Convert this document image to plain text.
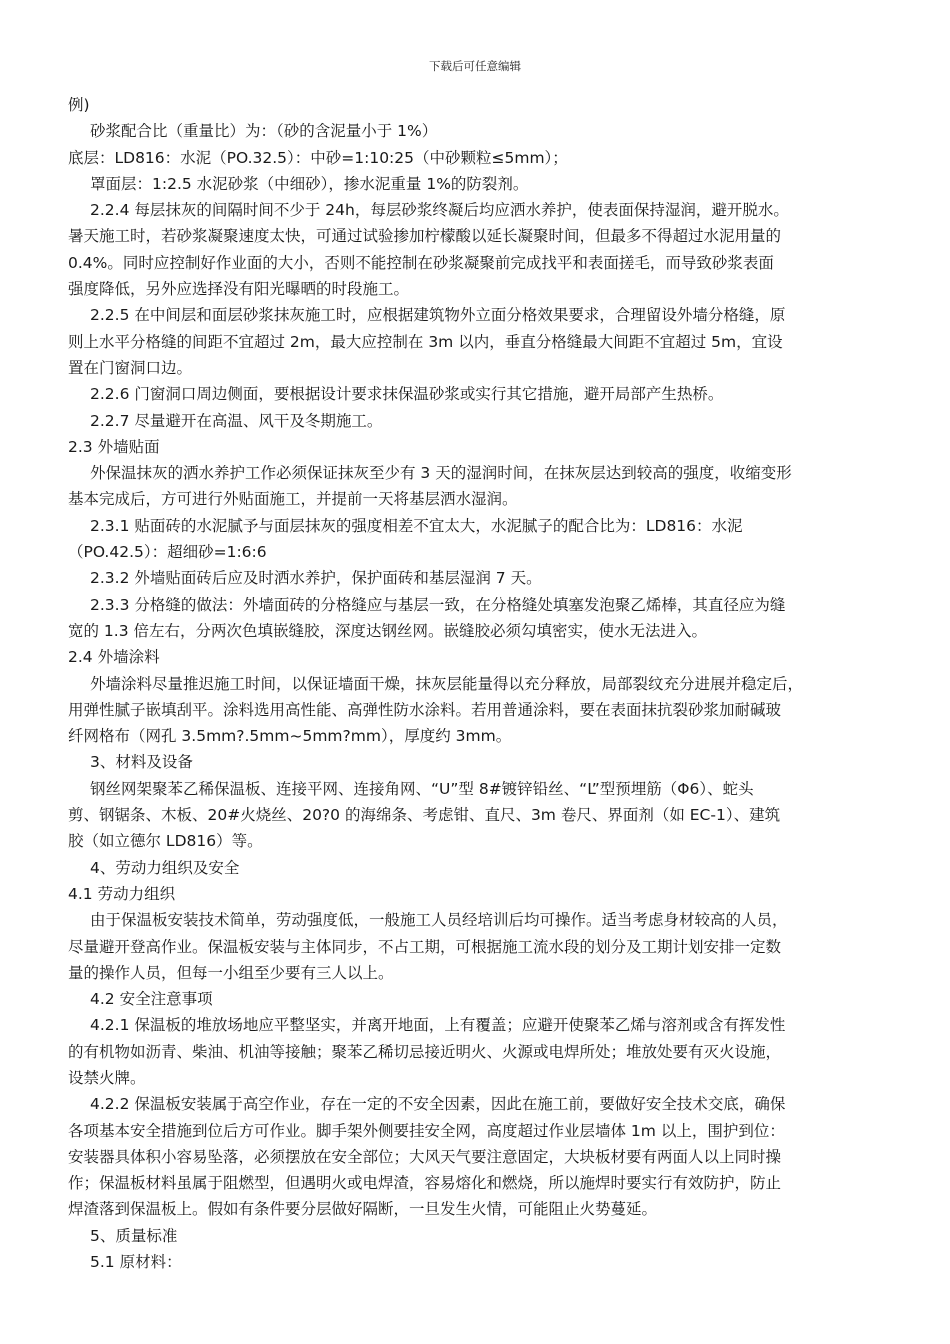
下载后可任意编辑
例)
砂浆配合比（重量比）为：（砂的含泥量小于 1%）
底层：LD816：水泥（PO.32.5）：中砂=1:10:25（中砂颗粒≤5mm）；
罩面层：1:2.5 水泥砂浆（中细砂），掺水泥重量 1%的防裂剂。
2.2.4 每层抹灰的间隔时间不少于 24h，每层砂浆终凝后均应洒水养护，使表面保持湿润，避开脱水。
暑天施工时，若砂浆凝聚速度太快，可通过试验掺加柠檬酸以延长凝聚时间，但最多不得超过水泥用量的
0.4%。同时应控制好作业面的大小，否则不能控制在砂浆凝聚前完成找平和表面搓毛，而导致砂浆表面
强度降低，另外应选择没有阳光曝晒的时段施工。
2.2.5 在中间层和面层砂浆抹灰施工时，应根据建筑物外立面分格效果要求，合理留设外墙分格缝，原
则上水平分格缝的间距不宜超过 2m，最大应控制在 3m 以内，垂直分格缝最大间距不宜超过 5m，宜设
置在门窗洞口边。
2.2.6 门窗洞口周边侧面，要根据设计要求抹保温砂浆或实行其它措施，避开局部产生热桥。
2.2.7 尽量避开在高温、风干及冬期施工。
2.3 外墙贴面
外保温抹灰的洒水养护工作必须保证抹灰至少有 3 天的湿润时间，在抹灰层达到较高的强度，收缩变形
基本完成后，方可进行外贴面施工，并提前一天将基层洒水湿润。
2.3.1 贴面砖的水泥腻予与面层抹灰的强度相差不宜太大，水泥腻子的配合比为：LD816：水泥
（PO.42.5）：超细砂=1:6:6
2.3.2 外墙贴面砖后应及时洒水养护，保护面砖和基层湿润 7 天。
2.3.3 分格缝的做法：外墙面砖的分格缝应与基层一致，在分格缝处填塞发泡聚乙烯棒，其直径应为缝
宽的 1.3 倍左右，分两次色填嵌缝胶，深度达钢丝网。嵌缝胶必须勾填密实，使水无法进入。
2.4 外墙涂料
外墙涂料尽量推迟施工时间，以保证墙面干燥，抹灰层能量得以充分释放，局部裂纹充分进展并稳定后，
用弹性腻子嵌填刮平。涂料选用高性能、高弹性防水涂料。若用普通涂料，要在表面抹抗裂砂浆加耐碱玻
纤网格布（网孔 3.5mm?.5mm~5mm?mm），厚度约 3mm。
3、材料及设备
钢丝网架聚苯乙稀保温板、连接平网、连接角网、“U”型 8#镀锌铅丝、“L”型预埋筋（Φ6）、蛇头
剪、钢锯条、木板、20#火烧丝、20?0 的海绵条、考虑钳、直尺、3m 卷尺、界面剂（如 EC-1）、建筑
胶（如立德尔 LD816）等。
4、劳动力组织及安全
4.1 劳动力组织
由于保温板安装技术简单，劳动强度低，一般施工人员经培训后均可操作。适当考虑身材较高的人员，
尽量避开登高作业。保温板安装与主体同步，不占工期，可根据施工流水段的划分及工期计划安排一定数
量的操作人员，但每一小组至少要有三人以上。
4.2 安全注意事项
4.2.1 保温板的堆放场地应平整坚实，并离开地面，上有覆盖；应避开使聚苯乙烯与溶剂或含有挥发性
的有机物如沥青、柴油、机油等接触；聚苯乙稀切忌接近明火、火源或电焊所处；堆放处要有灭火设施，
设禁火牌。
4.2.2 保温板安装属于高空作业，存在一定的不安全因素，因此在施工前，要做好安全技术交底，确保
各项基本安全措施到位后方可作业。脚手架外侧要挂安全网，高度超过作业层墙体 1m 以上，围护到位：
安装器具体积小容易坠落，必须摆放在安全部位；大风天气要注意固定，大块板材要有两面人以上同时操
作；保温板材料虽属于阻燃型，但遇明火或电焊渣，容易熔化和燃烧，所以施焊时要实行有效防护，防止
焊渣落到保温板上。假如有条件要分层做好隔断，一旦发生火情，可能阻止火势蔓延。
5、质量标准
5.1 原材料：
